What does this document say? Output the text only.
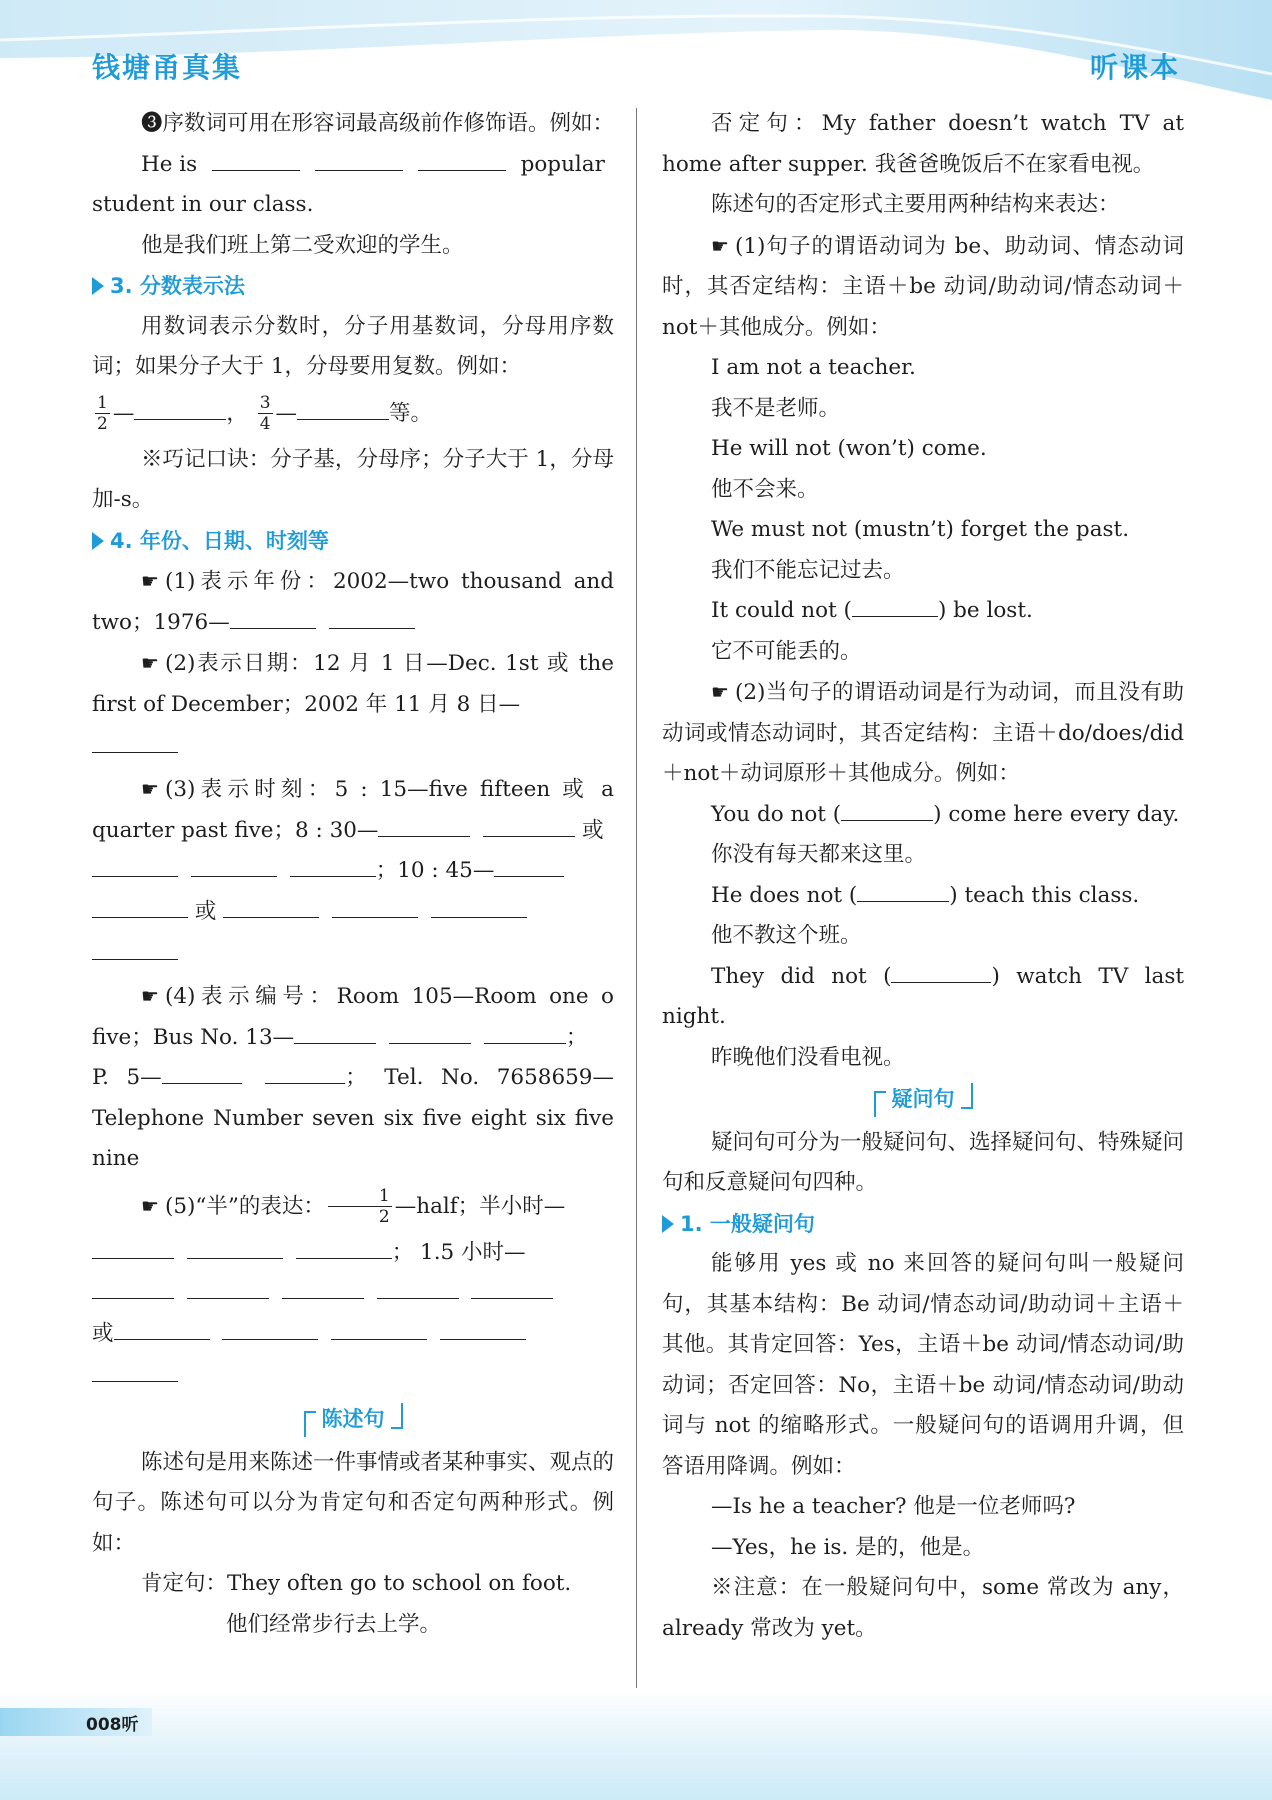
钱塘甬真集	听课本

❸序数词可用在形容词最高级前作修饰语。例如：

He is	popular

student in our class.

他是我们班上第二受欢迎的学生。

3. 分数表示法

用数词表示分数时，分子用基数词，分母用序数词；如果分子大于 1，分母要用复数。例如：

$\frac{1}{2}$ —	， $\frac{3}{4}$ —	等。

※巧记口诀：分子基，分母序；分子大于 1，分母加-s。

4. 年份、日期、时刻等

☛ (1)表示年份：2002—two thousand and two；1976—

☛ (2)表示日期：12 月 1 日—Dec. 1st 或 the first of December；2002 年 11 月 8 日—

☛ (3)表示时刻：5 : 15—five fifteen 或 a quarter past five；8 : 30—	或

；10 : 45—

或

☛ (4)表示编号：Room 105—Room one o five；Bus No. 13—	；

P. 5—	； Tel. No. 7658659—Telephone Number seven six five eight six five nine

☛ (5)“半”的表达： $\frac{1}{2}$ —half；半小时—

； 1.5 小时—

或

陈述句

陈述句是用来陈述一件事情或者某种事实、观点的句子。陈述句可以分为肯定句和否定句两种形式。例如：

肯定句：They often go to school on foot.

他们经常步行去上学。

否定句：My father doesn’t watch TV at home after supper. 我爸爸晚饭后不在家看电视。

陈述句的否定形式主要用两种结构来表达：

☛ (1)句子的谓语动词为 be、助动词、情态动词时，其否定结构：主语＋be 动词/助动词/情态动词＋not＋其他成分。例如：

I am not a teacher.

我不是老师。

He will not (won’t) come.

他不会来。

We must not (mustn’t) forget the past.

我们不能忘记过去。

It could not (	) be lost.

它不可能丢的。

☛ (2)当句子的谓语动词是行为动词，而且没有助动词或情态动词时，其否定结构：主语＋do/does/did＋not＋动词原形＋其他成分。例如：

You do not (	) come here every day.

你没有每天都来这里。

He does not (	) teach this class.

他不教这个班。

They did not (	) watch TV last night.

昨晚他们没看电视。

疑问句

疑问句可分为一般疑问句、选择疑问句、特殊疑问句和反意疑问句四种。

1. 一般疑问句

能够用 yes 或 no 来回答的疑问句叫一般疑问句，其基本结构：Be 动词/情态动词/助动词＋主语＋其他。其肯定回答：Yes，主语＋be 动词/情态动词/助动词；否定回答：No，主语＋be 动词/情态动词/助动词与 not 的缩略形式。一般疑问句的语调用升调，但答语用降调。例如：

—Is he a teacher? 他是一位老师吗?

—Yes，he is. 是的，他是。

※注意：在一般疑问句中，some 常改为 any，already 常改为 yet。

008听
